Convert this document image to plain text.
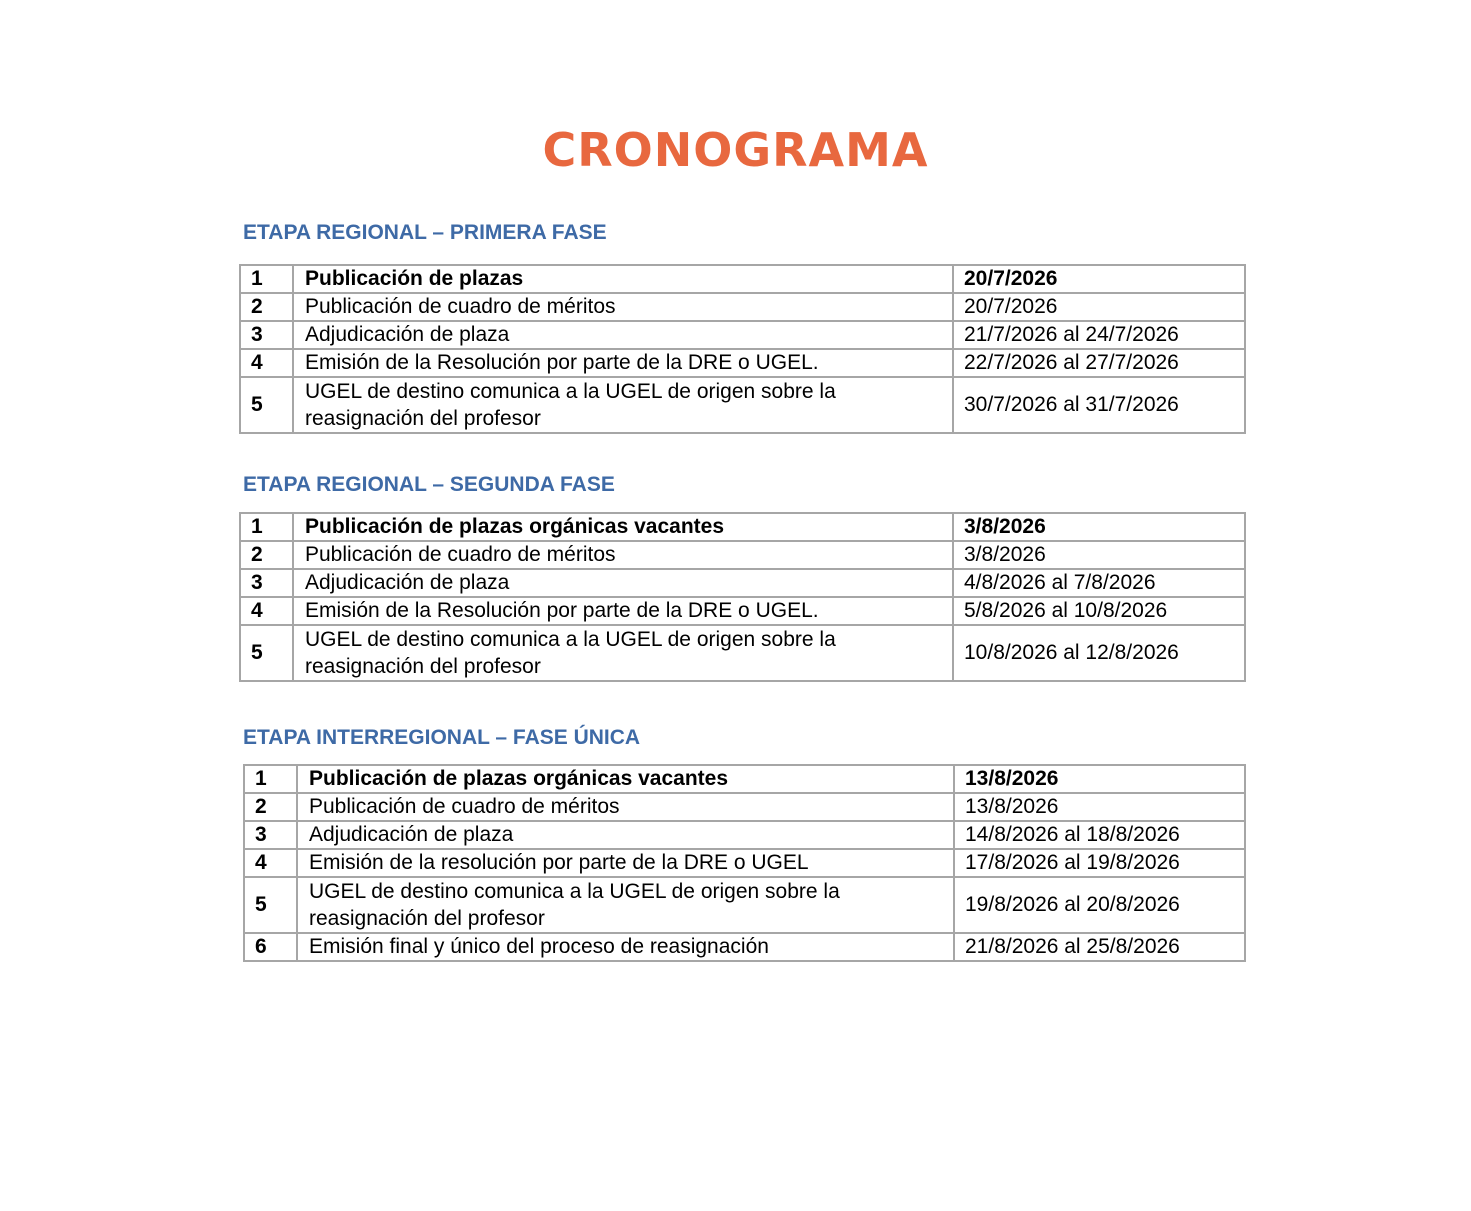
CRONOGRAMA
ETAPA REGIONAL – PRIMERA FASE
1	Publicación de plazas	20/7/2026
2	Publicación de cuadro de méritos	20/7/2026
3	Adjudicación de plaza	21/7/2026 al 24/7/2026
4	Emisión de la Resolución por parte de la DRE o UGEL.	22/7/2026 al 27/7/2026
5	UGEL de destino comunica a la UGEL de origen sobre la reasignación del profesor	30/7/2026 al 31/7/2026
ETAPA REGIONAL – SEGUNDA FASE
1	Publicación de plazas orgánicas vacantes	3/8/2026
2	Publicación de cuadro de méritos	3/8/2026
3	Adjudicación de plaza	4/8/2026 al 7/8/2026
4	Emisión de la Resolución por parte de la DRE o UGEL.	5/8/2026 al 10/8/2026
5	UGEL de destino comunica a la UGEL de origen sobre la reasignación del profesor	10/8/2026 al 12/8/2026
ETAPA INTERREGIONAL – FASE ÚNICA
1	Publicación de plazas orgánicas vacantes	13/8/2026
2	Publicación de cuadro de méritos	13/8/2026
3	Adjudicación de plaza	14/8/2026 al 18/8/2026
4	Emisión de la resolución por parte de la DRE o UGEL	17/8/2026 al 19/8/2026
5	UGEL de destino comunica a la UGEL de origen sobre la reasignación del profesor	19/8/2026 al 20/8/2026
6	Emisión final y único del proceso de reasignación	21/8/2026 al 25/8/2026
